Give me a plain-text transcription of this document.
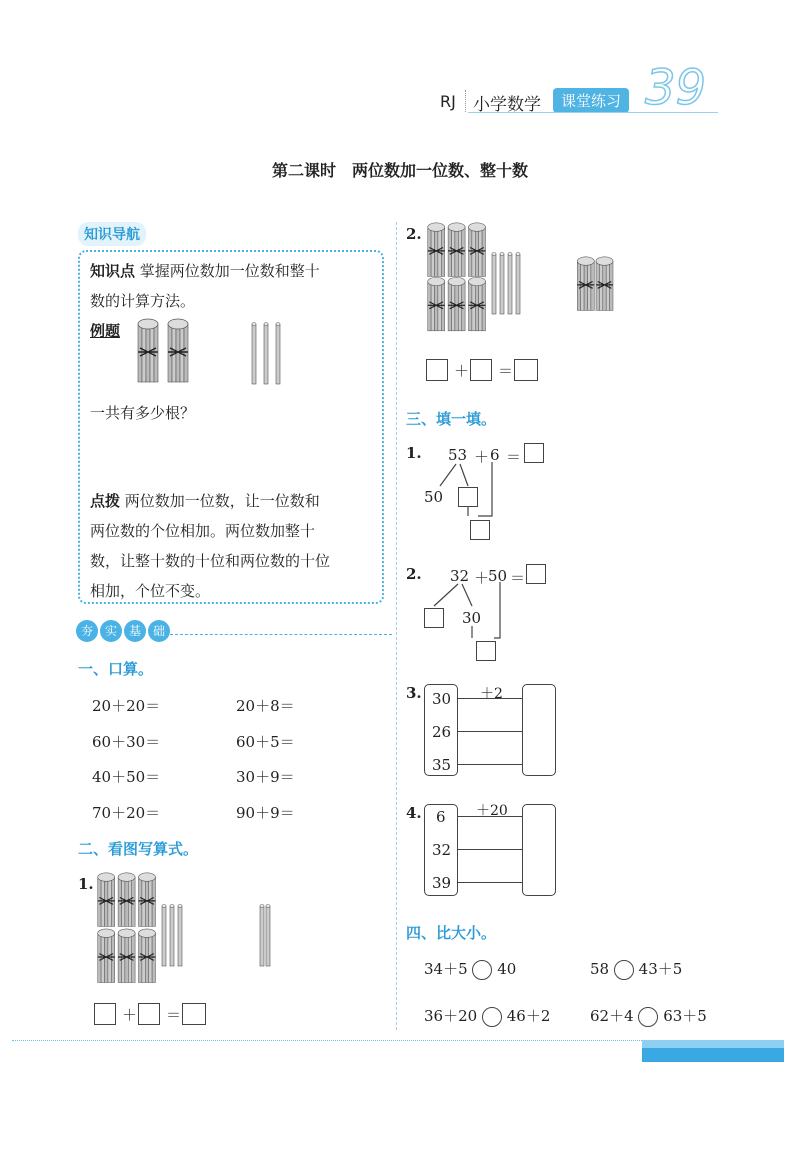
RJ 小学数学	课堂练习 39
第二课时　两位数加一位数、整十数
知识导航
知识点 掌握两位数加一位数和整十
数的计算方法。
例题
一共有多少根？
点拨 两位数加一位数，让一位数和
两位数的个位相加。两位数加整十
数，让整十数的十位和两位数的十位
相加，个位不变。
夯 实 基 础
一、口算。
20＋20＝	20＋8＝
60＋30＝	60＋5＝
40＋50＝	30＋9＝
70＋20＝	90＋9＝
二、看图写算式。
1.
＋ ＝
2.
＋ ＝
三、填一填。
1. 53 ＋ 6 ＝
50
2. 32 ＋
50 ＝
30
3. 30
26
35
＋2
4. 6
32
39
＋20
四、比大小。
34＋5 40	58 43＋5
36＋20 46＋2	62＋4 63＋5
